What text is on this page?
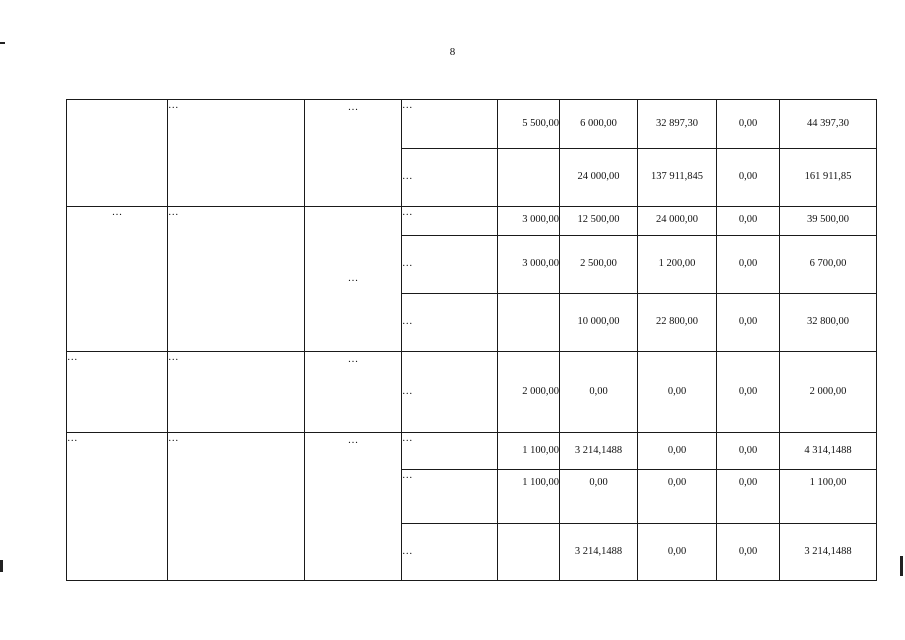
8
	…	…	…	5 500,00	6 000,00	32 897,30	0,00	44 397,30
			…		24 000,00	137 911,845	0,00	161 911,85
…	…	…	…	3 000,00	12 500,00	24 000,00	0,00	39 500,00
			…	3 000,00	2 500,00	1 200,00	0,00	6 700,00
			…		10 000,00	22 800,00	0,00	32 800,00
…	…	…	…	2 000,00	0,00	0,00	0,00	2 000,00
…	…	…	…	1 100,00	3 214,1488	0,00	0,00	4 314,1488
			…	1 100,00	0,00	0,00	0,00	1 100,00
			…		3 214,1488	0,00	0,00	3 214,1488
